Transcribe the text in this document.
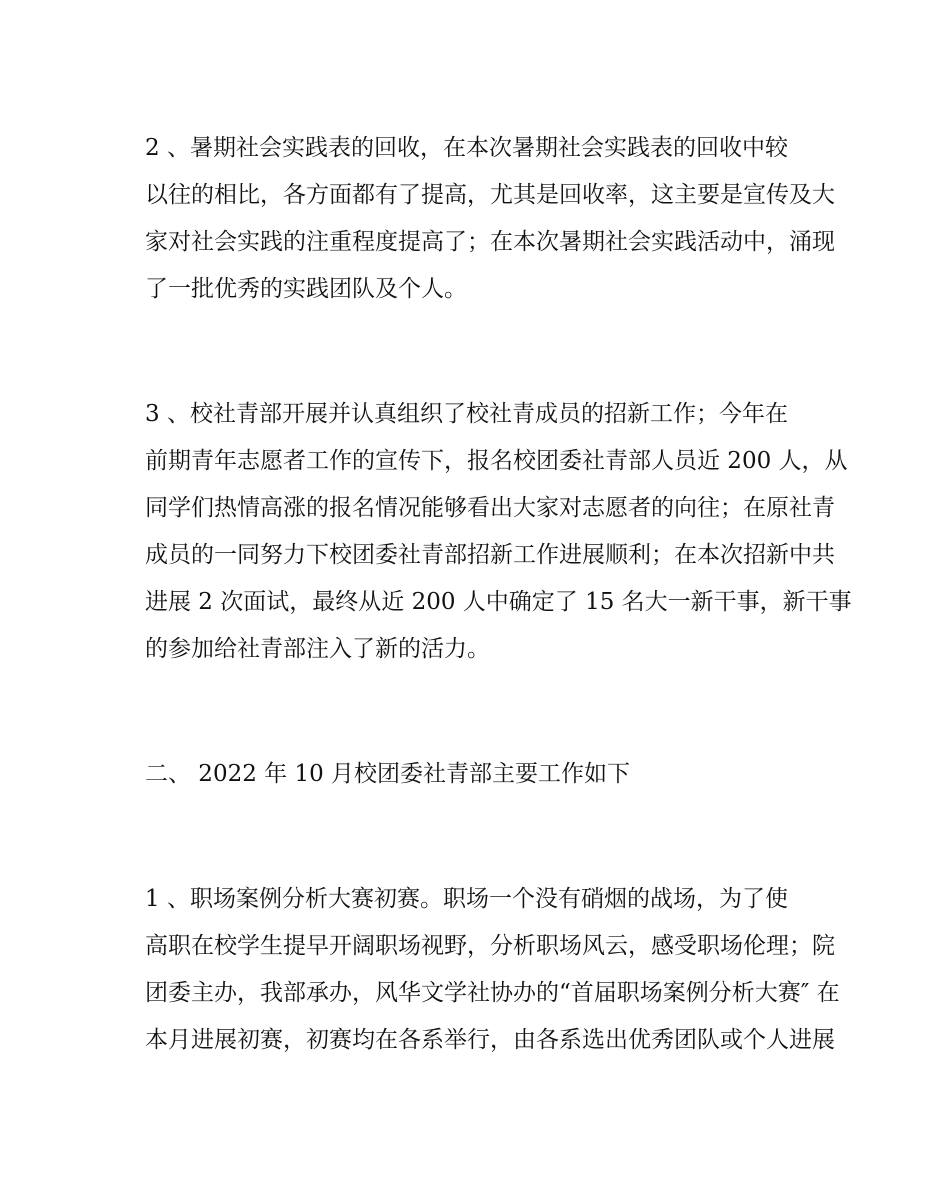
2 、暑期社会实践表的回收，在本次暑期社会实践表的回收中较
以往的相比，各方面都有了提高，尤其是回收率，这主要是宣传及大
家对社会实践的注重程度提高了；在本次暑期社会实践活动中，涌现
了一批优秀的实践团队及个人。
3 、校社青部开展并认真组织了校社青成员的招新工作；今年在
前期青年志愿者工作的宣传下，报名校团委社青部人员近 200 人，从
同学们热情高涨的报名情况能够看出大家对志愿者的向往；在原社青
成员的一同努力下校团委社青部招新工作进展顺利；在本次招新中共
进展 2 次面试，最终从近 200 人中确定了 15 名大一新干事，新干事
的参加给社青部注入了新的活力。
二、 2022 年 10 月校团委社青部主要工作如下
1 、职场案例分析大赛初赛。职场一个没有硝烟的战场，为了使
高职在校学生提早开阔职场视野，分析职场风云，感受职场伦理；院
团委主办，我部承办，风华文学社协办的“首届职场案例分析大赛″ 在
本月进展初赛，初赛均在各系举行，由各系选出优秀团队或个人进展
